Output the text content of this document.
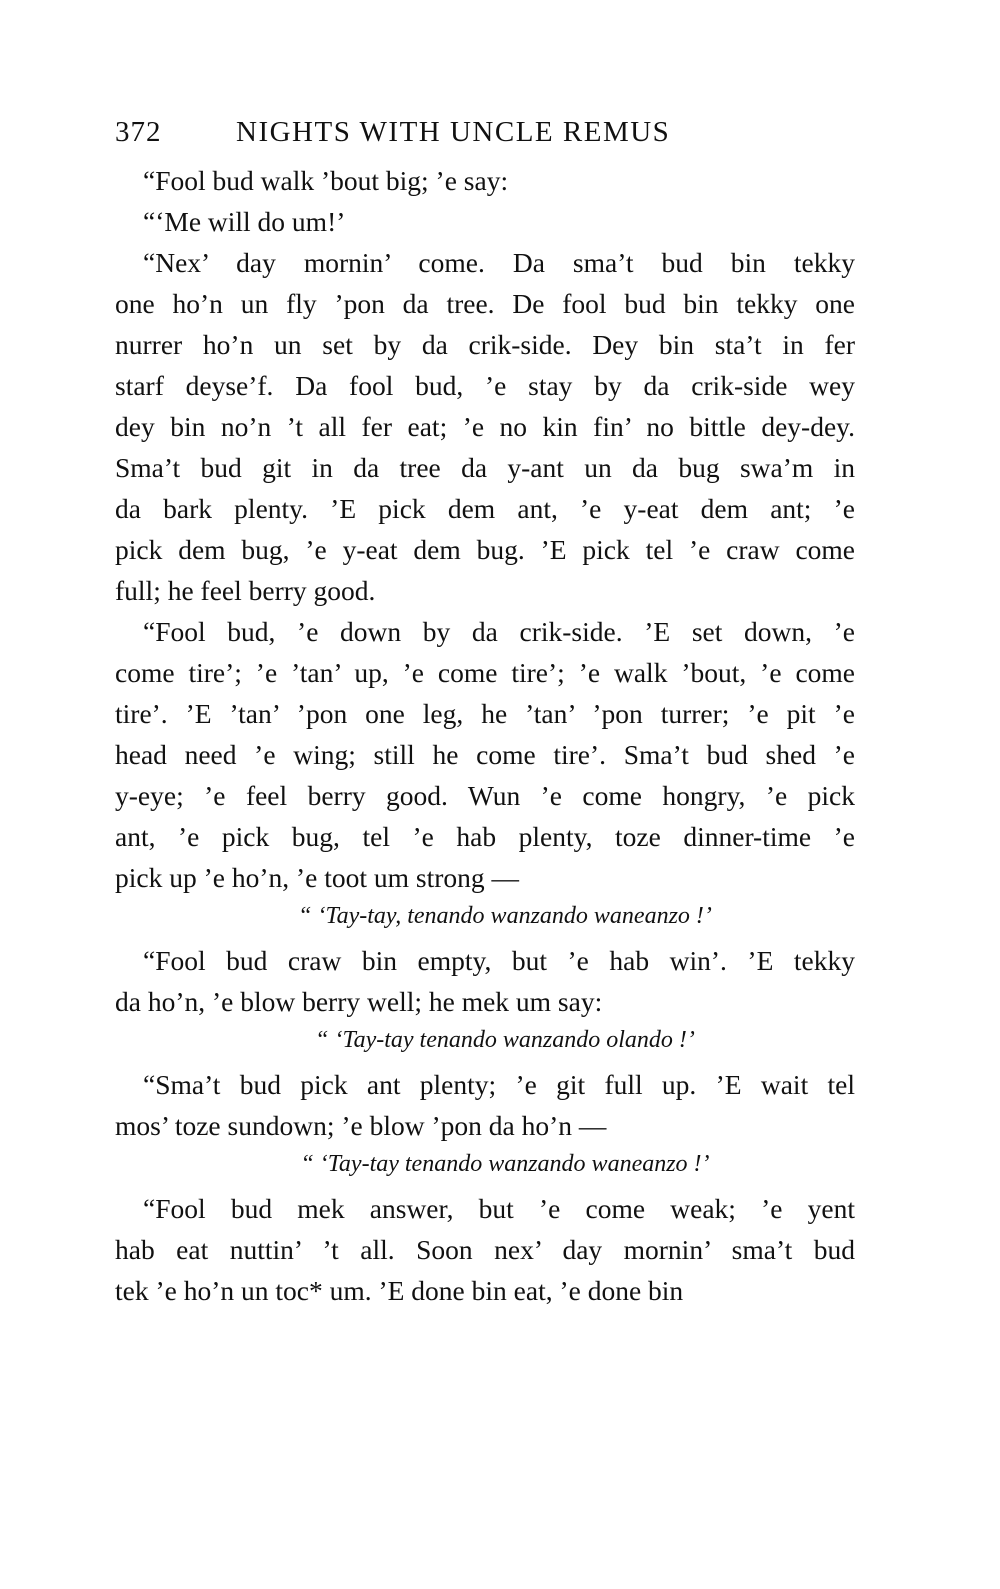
372	NIGHTS WITH UNCLE REMUS

“Fool bud walk ’bout big; ’e say:

“‘Me will do um!’

“Nex’ day mornin’ come. Da sma’t bud bin tekky
one ho’n un fly ’pon da tree. De fool bud bin tekky one
nurrer ho’n un set by da crik-side. Dey bin sta’t in fer
starf deyse’f. Da fool bud, ’e stay by da crik-side wey
dey bin no’n ’t all fer eat; ’e no kin fin’ no bittle dey-dey.
Sma’t bud git in da tree da y-ant un da bug swa’m in
da bark plenty. ’E pick dem ant, ’e y-eat dem ant; ’e
pick dem bug, ’e y-eat dem bug. ’E pick tel ’e craw come
full; he feel berry good.

“Fool bud, ’e down by da crik-side. ’E set down, ’e
come tire’; ’e ’tan’ up, ’e come tire’; ’e walk ’bout, ’e come
tire’. ’E ’tan’ ’pon one leg, he ’tan’ ’pon turrer; ’e pit ’e
head need ’e wing; still he come tire’. Sma’t bud shed ’e
y-eye; ’e feel berry good. Wun ’e come hongry, ’e pick
ant, ’e pick bug, tel ’e hab plenty, toze dinner-time ’e
pick up ’e ho’n, ’e toot um strong —

“ ‘Tay-tay, tenando wanzando waneanzo !’

“Fool bud craw bin empty, but ’e hab win’. ’E tekky
da ho’n, ’e blow berry well; he mek um say:

“ ‘Tay-tay tenando wanzando olando !’

“Sma’t bud pick ant plenty; ’e git full up. ’E wait tel
mos’ toze sundown; ’e blow ’pon da ho’n —

“ ‘Tay-tay tenando wanzando waneanzo !’

“Fool bud mek answer, but ’e come weak; ’e yent
hab eat nuttin’ ’t all. Soon nex’ day mornin’ sma’t bud
tek ’e ho’n un toc* um. ’E done bin eat, ’e done bin
